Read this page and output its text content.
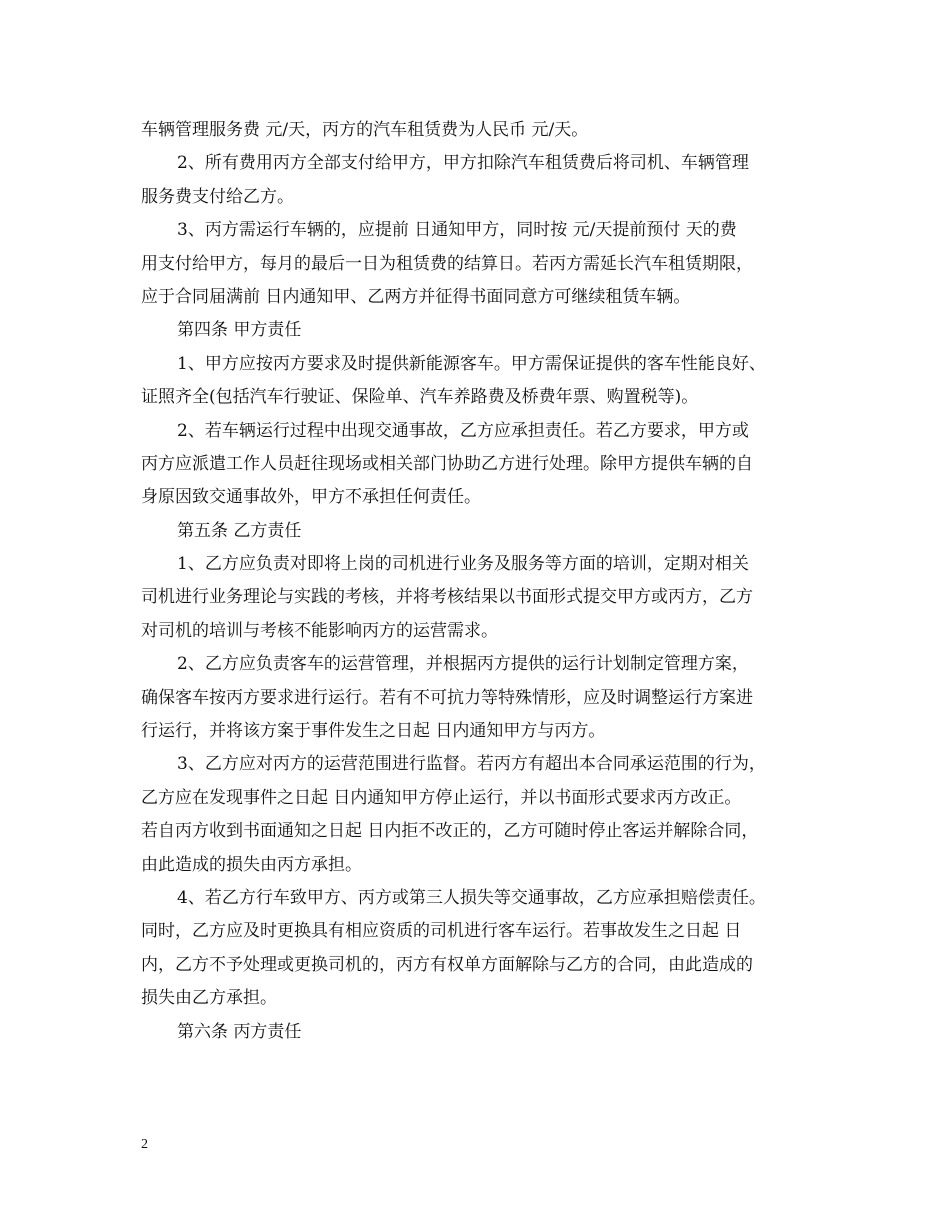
车辆管理服务费 元/天，丙方的汽车租赁费为人民币 元/天。
2、所有费用丙方全部支付给甲方，甲方扣除汽车租赁费后将司机、车辆管理
服务费支付给乙方。
3、丙方需运行车辆的，应提前 日通知甲方，同时按 元/天提前预付 天的费
用支付给甲方，每月的最后一日为租赁费的结算日。若丙方需延长汽车租赁期限，
应于合同届满前 日内通知甲、乙两方并征得书面同意方可继续租赁车辆。
第四条 甲方责任
1、甲方应按丙方要求及时提供新能源客车。甲方需保证提供的客车性能良好、
证照齐全(包括汽车行驶证、保险单、汽车养路费及桥费年票、购置税等)。
2、若车辆运行过程中出现交通事故，乙方应承担责任。若乙方要求，甲方或
丙方应派遣工作人员赶往现场或相关部门协助乙方进行处理。除甲方提供车辆的自
身原因致交通事故外，甲方不承担任何责任。
第五条 乙方责任
1、乙方应负责对即将上岗的司机进行业务及服务等方面的培训，定期对相关
司机进行业务理论与实践的考核，并将考核结果以书面形式提交甲方或丙方，乙方
对司机的培训与考核不能影响丙方的运营需求。
2、乙方应负责客车的运营管理，并根据丙方提供的运行计划制定管理方案，
确保客车按丙方要求进行运行。若有不可抗力等特殊情形，应及时调整运行方案进
行运行，并将该方案于事件发生之日起 日内通知甲方与丙方。
3、乙方应对丙方的运营范围进行监督。若丙方有超出本合同承运范围的行为，
乙方应在发现事件之日起 日内通知甲方停止运行，并以书面形式要求丙方改正。
若自丙方收到书面通知之日起 日内拒不改正的，乙方可随时停止客运并解除合同，
由此造成的损失由丙方承担。
4、若乙方行车致甲方、丙方或第三人损失等交通事故，乙方应承担赔偿责任。
同时，乙方应及时更换具有相应资质的司机进行客车运行。若事故发生之日起 日
内，乙方不予处理或更换司机的，丙方有权单方面解除与乙方的合同，由此造成的
损失由乙方承担。
第六条 丙方责任
2
